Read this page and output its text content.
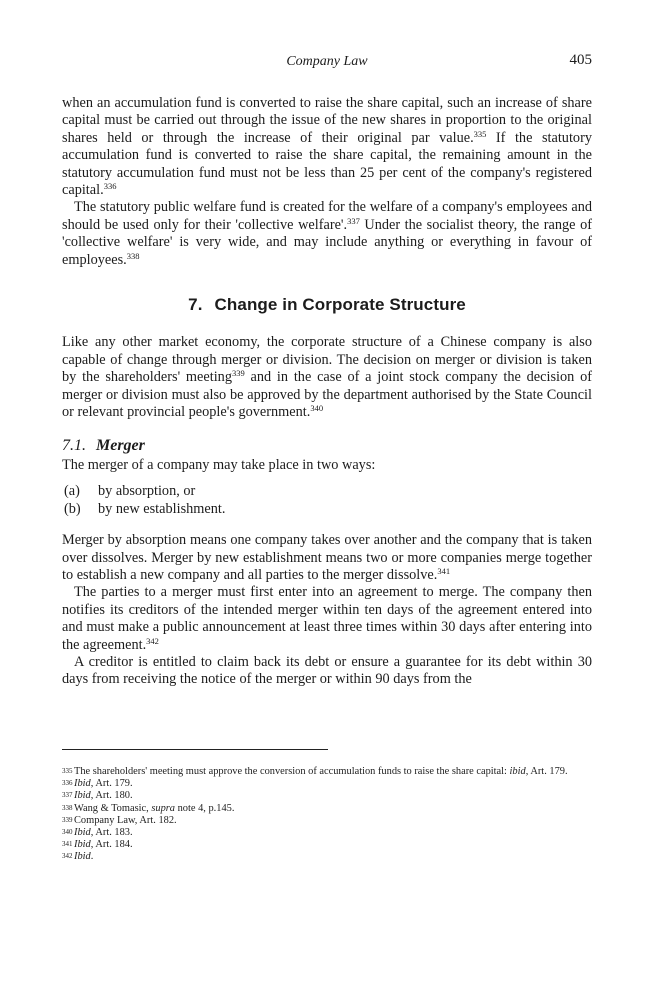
Company Law	405

when an accumulation fund is converted to raise the share capital, such an increase of share capital must be carried out through the issue of the new shares in proportion to the original shares held or through the increase of their original par value.$^{335}$ If the statutory accumulation fund is converted to raise the share capital, the remaining amount in the statutory accumulation fund must not be less than 25 per cent of the company's registered capital.$^{336}$

The statutory public welfare fund is created for the welfare of a company's employees and should be used only for their 'collective welfare'.$^{337}$ Under the socialist theory, the range of 'collective welfare' is very wide, and may include anything or everything in favour of employees.$^{338}$

7. Change in Corporate Structure

Like any other market economy, the corporate structure of a Chinese company is also capable of change through merger or division. The decision on merger or division is taken by the shareholders' meeting$^{339}$ and in the case of a joint stock company the decision of merger or division must also be approved by the department authorised by the State Council or relevant provincial people's government.$^{340}$

7.1. Merger

The merger of a company may take place in two ways:

(a)	by absorption, or
(b)	by new establishment.

Merger by absorption means one company takes over another and the company that is taken over dissolves. Merger by new establishment means two or more companies merge together to establish a new company and all parties to the merger dissolve.$^{341}$

The parties to a merger must first enter into an agreement to merge. The company then notifies its creditors of the intended merger within ten days of the agreement entered into and must make a public announcement at least three times within 30 days after entering into the agreement.$^{342}$

A creditor is entitled to claim back its debt or ensure a guarantee for its debt within 30 days from receiving the notice of the merger or within 90 days from the

335 The shareholders' meeting must approve the conversion of accumulation funds to raise the share capital: ibid, Art. 179.
336 Ibid, Art. 179.
337 Ibid, Art. 180.
338 Wang & Tomasic, supra note 4, p.145.
339 Company Law, Art. 182.
340 Ibid, Art. 183.
341 Ibid, Art. 184.
342 Ibid.
